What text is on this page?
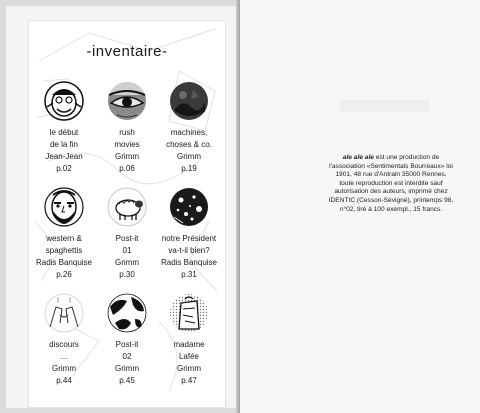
-inventaire-
le début
de la fin
Jean-Jean
p.02
rush
movies
Grimm
p.06
machines,
choses & co.
Grimm
p.19
western &
spaghettis
Radis Banquise
p.26
Post-it
01
Grimm
p.30
notre Président
va-t-il bien?
Radis Banquise
p.31
discours
...
Grimm
p.44
Post-it
02
Grimm
p.45
madame
Lafée
Grimm
p.47
aïe aïe aïe est une production de l'association «Sentimentals Bourreaux» loi 1901, 48 rue d'Antrain 35000 Rennes. toute reproduction est interdite sauf autorisation des auteurs, imprimé chez IDENTIC (Cesson-Sévigné), printemps 98, n°02, tiré à 100 exempl., 15 francs.
